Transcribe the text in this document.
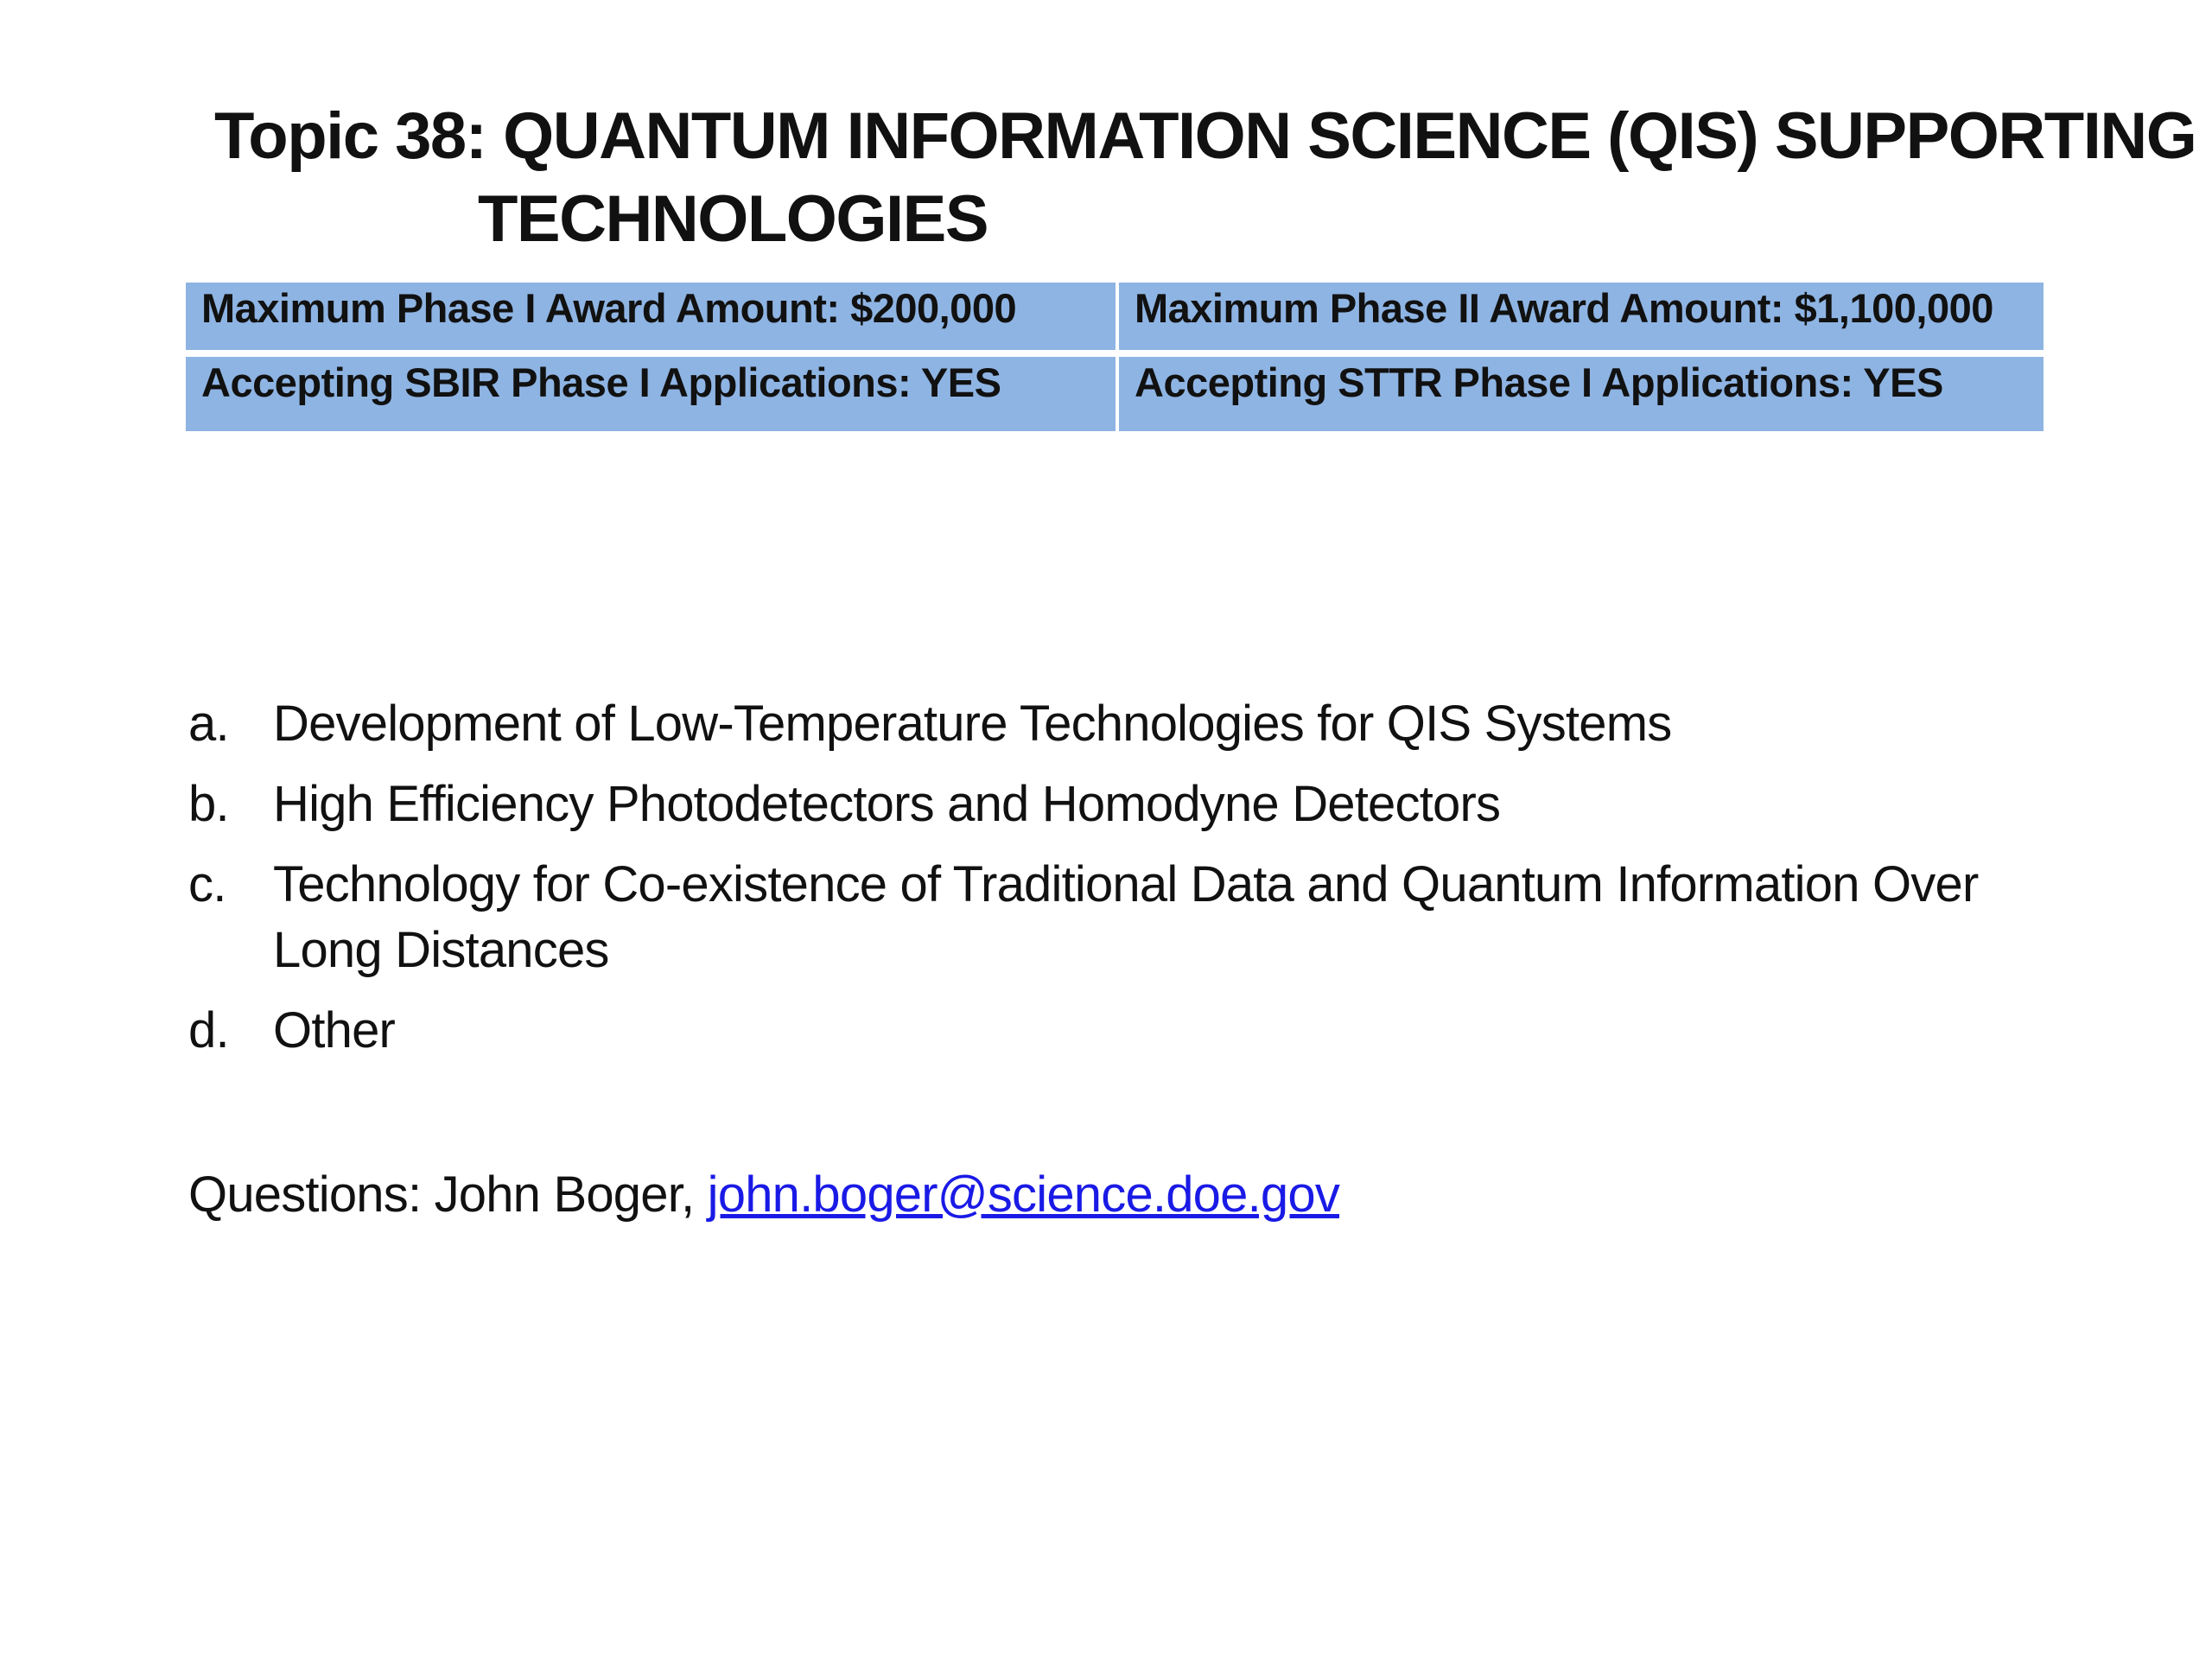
Topic 38: QUANTUM INFORMATION SCIENCE (QIS) SUPPORTING
TECHNOLOGIES
Maximum Phase I Award Amount: $200,000	Maximum Phase II Award Amount: $1,100,000
Accepting SBIR Phase I Applications: YES	Accepting STTR Phase I Applications: YES
a. Development of Low-Temperature Technologies for QIS Systems
b. High Efficiency Photodetectors and Homodyne Detectors
c. Technology for Co-existence of Traditional Data and Quantum Information Over Long Distances
d. Other
Questions: John Boger, john.boger@science.doe.gov
